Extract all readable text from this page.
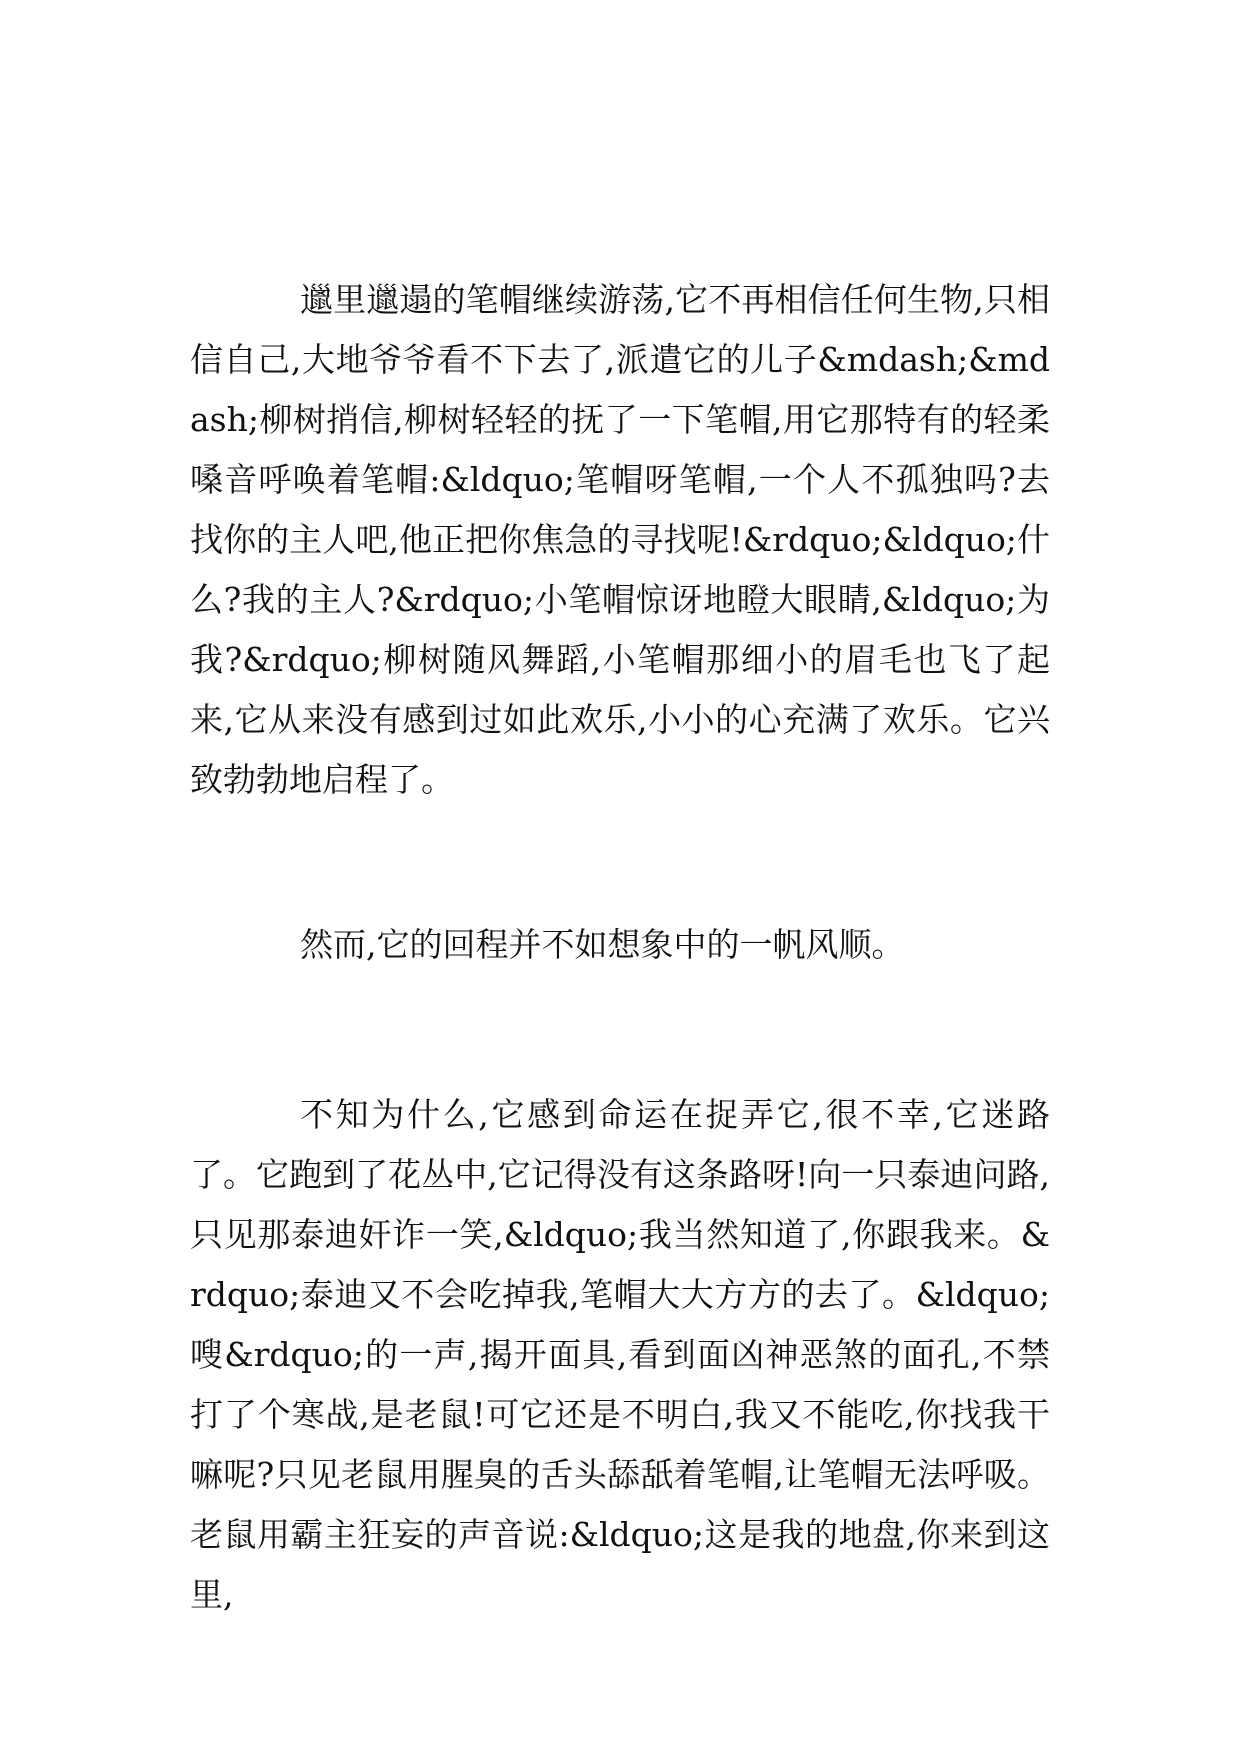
邋里邋遢的笔帽继续游荡,它不再相信任何生物,只相信自己,大地爷爷看不下去了,派遣它的儿子&mdash;&mdash;柳树捎信,柳树轻轻的抚了一下笔帽,用它那特有的轻柔嗓音呼唤着笔帽:&ldquo;笔帽呀笔帽,一个人不孤独吗?去找你的主人吧,他正把你焦急的寻找呢!&rdquo;&ldquo;什么?我的主人?&rdquo;小笔帽惊讶地瞪大眼睛,&ldquo;为我?&rdquo;柳树随风舞蹈,小笔帽那细小的眉毛也飞了起来,它从来没有感到过如此欢乐,小小的心充满了欢乐。它兴致勃勃地启程了。

然而,它的回程并不如想象中的一帆风顺。

不知为什么,它感到命运在捉弄它,很不幸,它迷路了。它跑到了花丛中,它记得没有这条路呀!向一只泰迪问路,只见那泰迪奸诈一笑,&ldquo;我当然知道了,你跟我来。&rdquo;泰迪又不会吃掉我,笔帽大大方方的去了。&ldquo;嗖&rdquo;的一声,揭开面具,看到面凶神恶煞的面孔,不禁打了个寒战,是老鼠!可它还是不明白,我又不能吃,你找我干嘛呢?只见老鼠用腥臭的舌头舔舐着笔帽,让笔帽无法呼吸。老鼠用霸主狂妄的声音说:&ldquo;这是我的地盘,你来到这里,
